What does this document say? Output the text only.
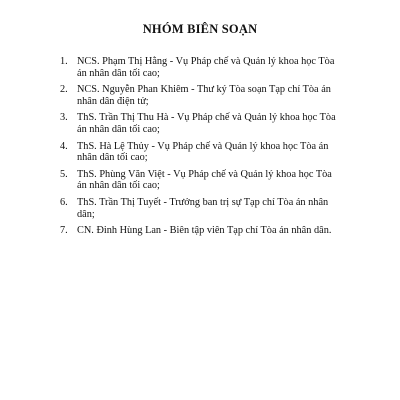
NHÓM BIÊN SOẠN
1. NCS. Phạm Thị Hằng - Vụ Pháp chế và Quản lý khoa học Tòa án nhân dân tối cao;
2. NCS. Nguyễn Phan Khiêm - Thư ký Tòa soạn Tạp chí Tòa án nhân dân điện tử;
3. ThS. Trần Thị Thu Hà - Vụ Pháp chế và Quản lý khoa học Tòa án nhân dân tối cao;
4. ThS. Hà Lệ Thủy - Vụ Pháp chế và Quản lý khoa học Tòa án nhân dân tối cao;
5. ThS. Phùng Văn Việt - Vụ Pháp chế và Quản lý khoa học Tòa án nhân dân tối cao;
6. ThS. Trần Thị Tuyết - Trưởng ban trị sự Tạp chí Tòa án nhân dân;
7. CN. Đinh Hùng Lan - Biên tập viên Tạp chí Tòa án nhân dân.
